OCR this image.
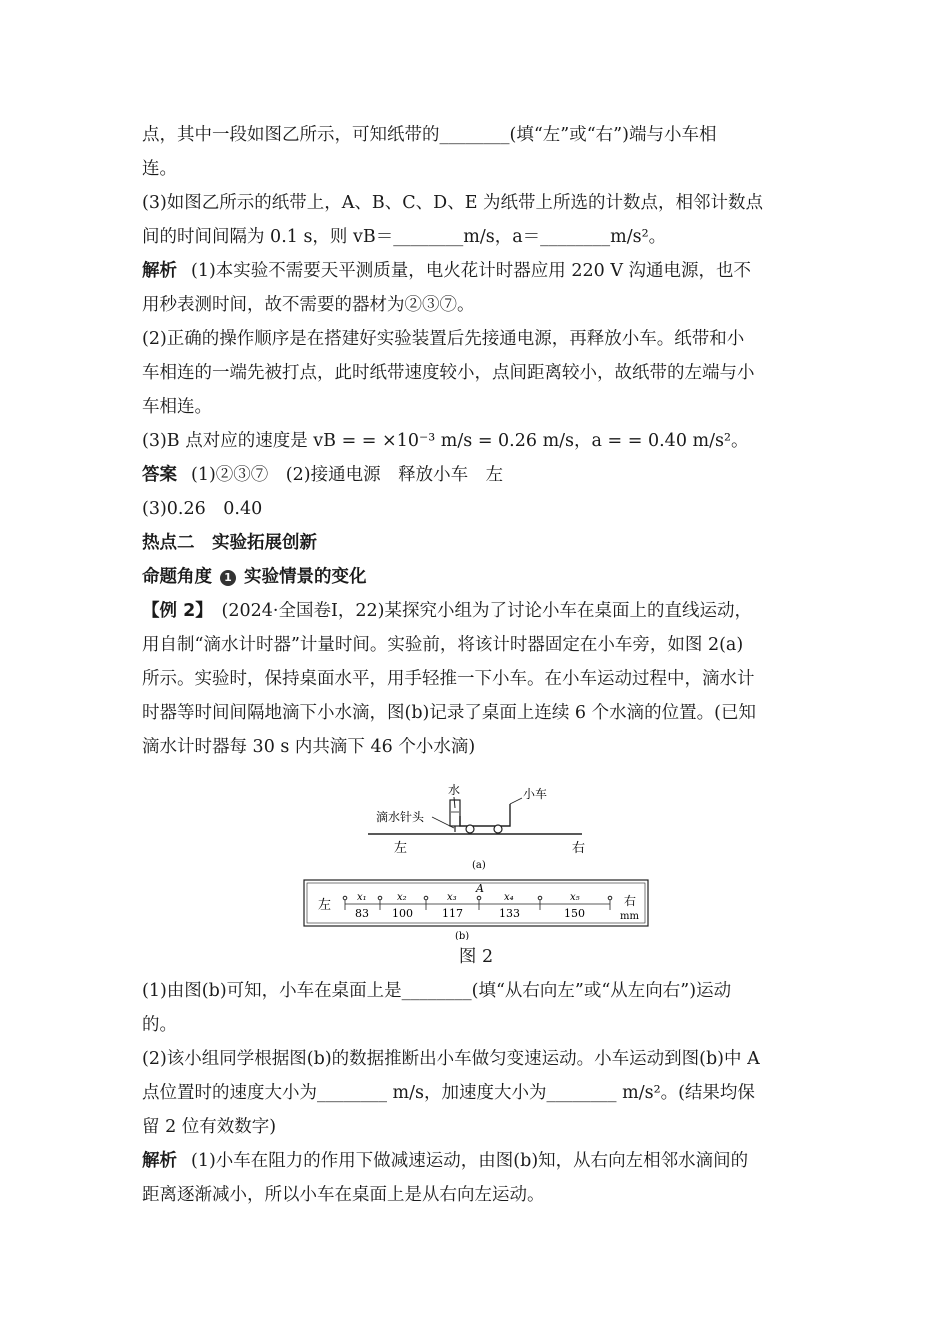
点，其中一段如图乙所示，可知纸带的________(填“左”或“右”)端与小车相
连。
(3)如图乙所示的纸带上，A、B、C、D、E 为纸带上所选的计数点，相邻计数点
间的时间间隔为 0.1 s，则 vB＝________m/s，a＝________m/s²。
解析 (1)本实验不需要天平测质量，电火花计时器应用 220 V 沟通电源，也不
用秒表测时间，故不需要的器材为②③⑦。
(2)正确的操作顺序是在搭建好实验装置后先接通电源，再释放小车。纸带和小
车相连的一端先被打点，此时纸带速度较小，点间距离较小，故纸带的左端与小
车相连。
(3)B 点对应的速度是 vB = = ×10⁻³ m/s = 0.26 m/s，a = = 0.40 m/s²。
答案 (1)②③⑦　(2)接通电源　释放小车　左
(3)0.26　0.40
热点二　实验拓展创新
命题角度 1 实验情景的变化
【例 2】　 (2024·全国卷Ⅰ，22)某探究小组为了讨论小车在桌面上的直线运动，
用自制“滴水计时器”计量时间。实验前，将该计时器固定在小车旁，如图 2(a)
所示。实验时，保持桌面水平，用手轻推一下小车。在小车运动过程中，滴水计
时器等时间间隔地滴下小水滴，图(b)记录了桌面上连续 6 个水滴的位置。(已知
滴水计时器每 30 s 内共滴下 46 个小水滴)
水
滴水针头
小车
左	右
(a)
左	右
mm
A
x₁	x₂	x₃	x₄	x₅
83 100	117	133	150
(b)
图 2
(1)由图(b)可知，小车在桌面上是________(填“从右向左”或“从左向右”)运动
的。
(2)该小组同学根据图(b)的数据推断出小车做匀变速运动。小车运动到图(b)中 A
点位置时的速度大小为________ m/s，加速度大小为________ m/s²。(结果均保
留 2 位有效数字)
解析 (1)小车在阻力的作用下做减速运动，由图(b)知，从右向左相邻水滴间的
距离逐渐减小，所以小车在桌面上是从右向左运动。
